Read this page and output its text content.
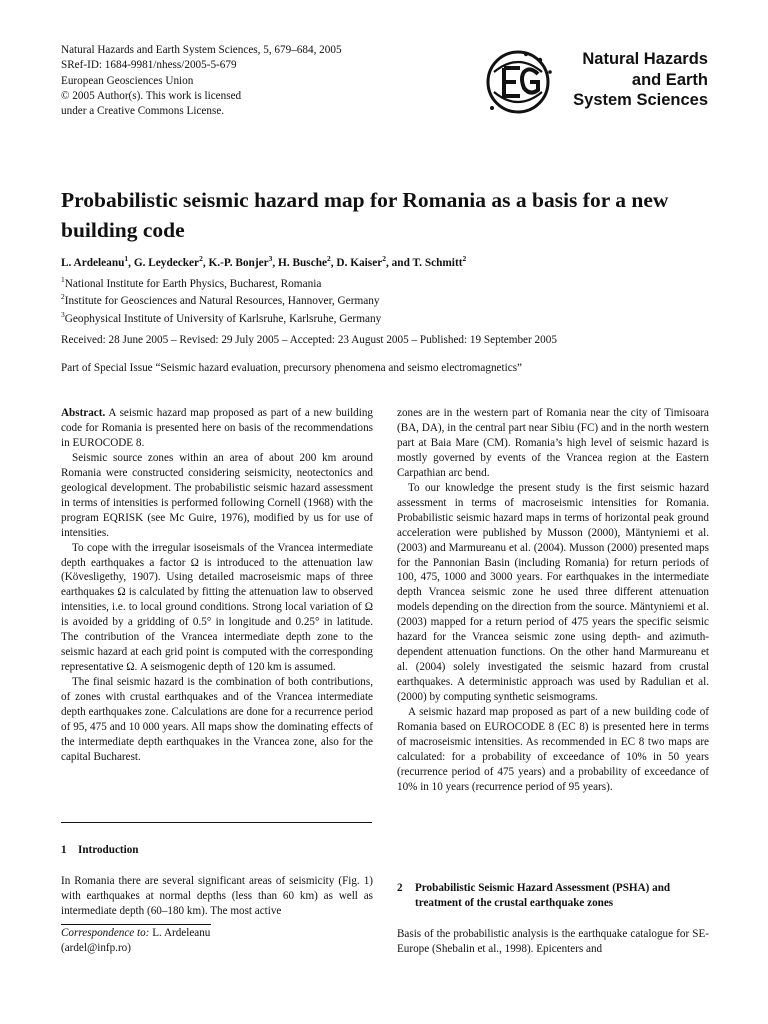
Natural Hazards and Earth System Sciences, 5, 679–684, 2005
SRef-ID: 1684-9981/nhess/2005-5-679
European Geosciences Union
© 2005 Author(s). This work is licensed
under a Creative Commons License.
Natural Hazards
and Earth
System Sciences
Probabilistic seismic hazard map for Romania as a basis for a new
building code
L. Ardeleanu$^1$, G. Leydecker$^2$, K.-P. Bonjer$^3$, H. Busche$^2$, D. Kaiser$^2$, and T. Schmitt$^2$
$^1$National Institute for Earth Physics, Bucharest, Romania
$^2$Institute for Geosciences and Natural Resources, Hannover, Germany
$^3$Geophysical Institute of University of Karlsruhe, Karlsruhe, Germany
Received: 28 June 2005 – Revised: 29 July 2005 – Accepted: 23 August 2005 – Published: 19 September 2005
Part of Special Issue “Seismic hazard evaluation, precursory phenomena and seismo electromagnetics”

Abstract. A seismic hazard map proposed as part of a new building code for Romania is presented here on basis of the recommendations in EUROCODE 8.

Seismic source zones within an area of about 200 km around Romania were constructed considering seismicity, neotectonics and geological development. The probabilistic seismic hazard assessment in terms of intensities is performed following Cornell (1968) with the program EQRISK (see Mc Guire, 1976), modified by us for use of intensities.

To cope with the irregular isoseismals of the Vrancea intermediate depth earthquakes a factor Ω is introduced to the attenuation law (Kövesligethy, 1907). Using detailed macroseismic maps of three earthquakes Ω is calculated by fitting the attenuation law to observed intensities, i.e. to local ground conditions. Strong local variation of Ω is avoided by a gridding of 0.5° in longitude and 0.25° in latitude. The contribution of the Vrancea intermediate depth zone to the seismic hazard at each grid point is computed with the corresponding representative Ω. A seismogenic depth of 120 km is assumed.

The final seismic hazard is the combination of both contributions, of zones with crustal earthquakes and of the Vrancea intermediate depth earthquakes zone. Calculations are done for a recurrence period of 95, 475 and 10 000 years. All maps show the dominating effects of the intermediate depth earthquakes in the Vrancea zone, also for the capital Bucharest.

1 Introduction

In Romania there are several significant areas of seismicity (Fig. 1) with earthquakes at normal depths (less than 60 km) as well as intermediate depth (60–180 km). The most active

Correspondence to: L. Ardeleanu
(ardel@infp.ro)

zones are in the western part of Romania near the city of Timisoara (BA, DA), in the central part near Sibiu (FC) and in the north western part at Baia Mare (CM). Romania’s high level of seismic hazard is mostly governed by events of the Vrancea region at the Eastern Carpathian arc bend.

To our knowledge the present study is the first seismic hazard assessment in terms of macroseismic intensities for Romania. Probabilistic seismic hazard maps in terms of horizontal peak ground acceleration were published by Musson (2000), Mäntyniemi et al. (2003) and Marmureanu et al. (2004). Musson (2000) presented maps for the Pannonian Basin (including Romania) for return periods of 100, 475, 1000 and 3000 years. For earthquakes in the intermediate depth Vrancea seismic zone he used three different attenuation models depending on the direction from the source. Mäntyniemi et al. (2003) mapped for a return period of 475 years the specific seismic hazard for the Vrancea seismic zone using depth- and azimuth-dependent attenuation functions. On the other hand Marmureanu et al. (2004) solely investigated the seismic hazard from crustal earthquakes. A deterministic approach was used by Radulian et al. (2000) by computing synthetic seismograms.

A seismic hazard map proposed as part of a new building code of Romania based on EUROCODE 8 (EC 8) is presented here in terms of macroseismic intensities. As recommended in EC 8 two maps are calculated: for a probability of exceedance of 10% in 50 years (recurrence period of 475 years) and a probability of exceedance of 10% in 10 years (recurrence period of 95 years).

2	Probabilistic Seismic Hazard Assessment (PSHA) and treatment of the crustal earthquake zones

Basis of the probabilistic analysis is the earthquake catalogue for SE-Europe (Shebalin et al., 1998). Epicenters and
